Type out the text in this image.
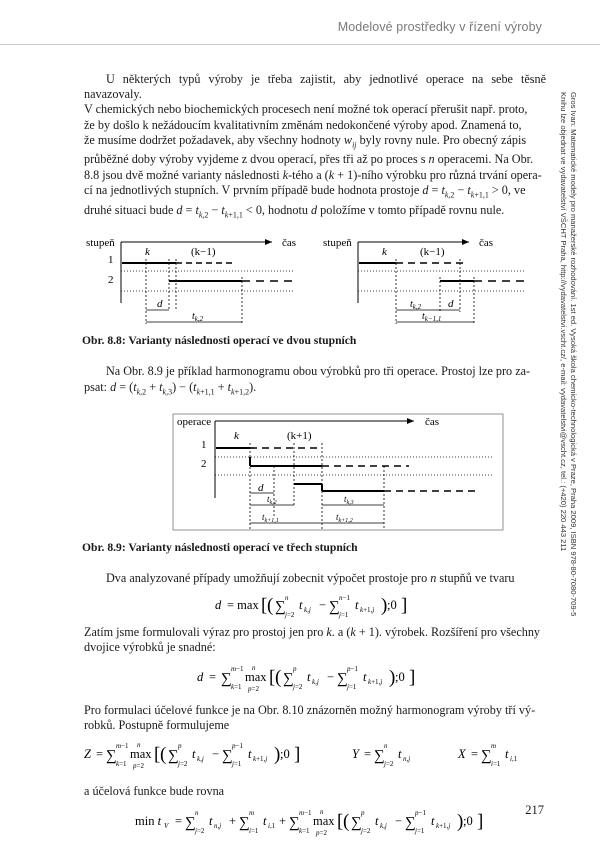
Modelové prostředky v řízení výroby
Gros Ivan: Matematické modely pro manažerské rozhodování. 1st ed. Vysoká škola chemicko-technologická v Praze, Praha 2009, ISBN 978-80-7080-709-5
Knihu lze objednat ve vydavatelství VŠCHT Praha, http://vydavatelstvi.vscht.cz/, e-mail: vydavatelstvi@vscht.cz, tel.: (+420) 220 443 211

U některých typů výroby je třeba zajistit, aby jednotlivé operace na sebe těsně navazovaly.

V chemických nebo biochemických procesech není možné tok operací přerušit např. proto,

že by došlo k nežádoucím kvalitativním změnám nedokončené výroby apod. Znamená to,

že musíme dodržet požadavek, aby všechny hodnoty $w_{ij}$ byly rovny nule. Pro obecný zápis

průběžné doby výroby vyjdeme z dvou operací, přes tři až po proces s n operacemi. Na Obr.

8.8 jsou dvě možné varianty následnosti k-tého a (k + 1)-ního výrobku pro různá trvání opera-

cí na jednotlivých stupních. V prvním případě bude hodnota prostoje $d = t_{k,2} - t_{k+1,1} > 0$, ve

druhé situaci bude $d = t_{k,2} - t_{k+1,1} < 0$, hodnotu d položíme v tomto případě rovnu nule.

stupeň	čas
1
2
k	(k−1)
d
$t_{k,2}$
stupeň	čas
k	(k−1)
$t_{k,2}$ d
$t_{k-1,1}$
Obr. 8.8: Varianty následnosti operací ve dvou stupních

Na Obr. 8.9 je příklad harmonogramu obou výrobků pro tři operace. Prostoj lze pro za-

psat: $d = (t_{k,2} + t_{k,3}) - (t_{k+1,1} + t_{k+1,2})$.

operace	čas
1
2
k	(k+1)
d
$t_{k,2}$	$t_{k,3}$
$t_{k+1,1}$	$t_{k+1,2}$
Obr. 8.9: Varianty následnosti operací ve třech stupních

Dva analyzované případy umožňují zobecnit výpočet prostoje pro n stupňů ve tvaru

d = max [ ( ∑
n
j=2
t k,j − ∑
n−1
j=1
t k+1,j ) ;0 ]

Zatím jsme formulovali výraz pro prostoj jen pro k. a (k + 1). výrobek. Rozšíření pro všechny

dvojice výrobků je snadné:

d = ∑
m−1
k=1
n
max
p=2
[ ( ∑
p
j=2
t k,j − ∑
p−1
j=1
t k+1,j ) ;0 ]

Pro formulaci účelové funkce je na Obr. 8.10 znázorněn možný harmonogram výroby tří vý-

robků. Postupně formulujeme

Z = ∑
m−1
k=1
n
max
p=2
[ ( ∑
p
j=2
t k,j − ∑
p−1
j=1
t k+1,j ) ;0 ]	Y = ∑
n
j=2
t n,j	X = ∑
m
i=1
t i,1

a účelová funkce bude rovna

min t V = ∑
n
j=2
t n,j + ∑
m
i=1
t i,1 + ∑
m−1
k=1
n
max
p=2
[ ( ∑
p
j=2
t k,j − ∑
p−1
j=1
t k+1,j ) ;0 ]
217
